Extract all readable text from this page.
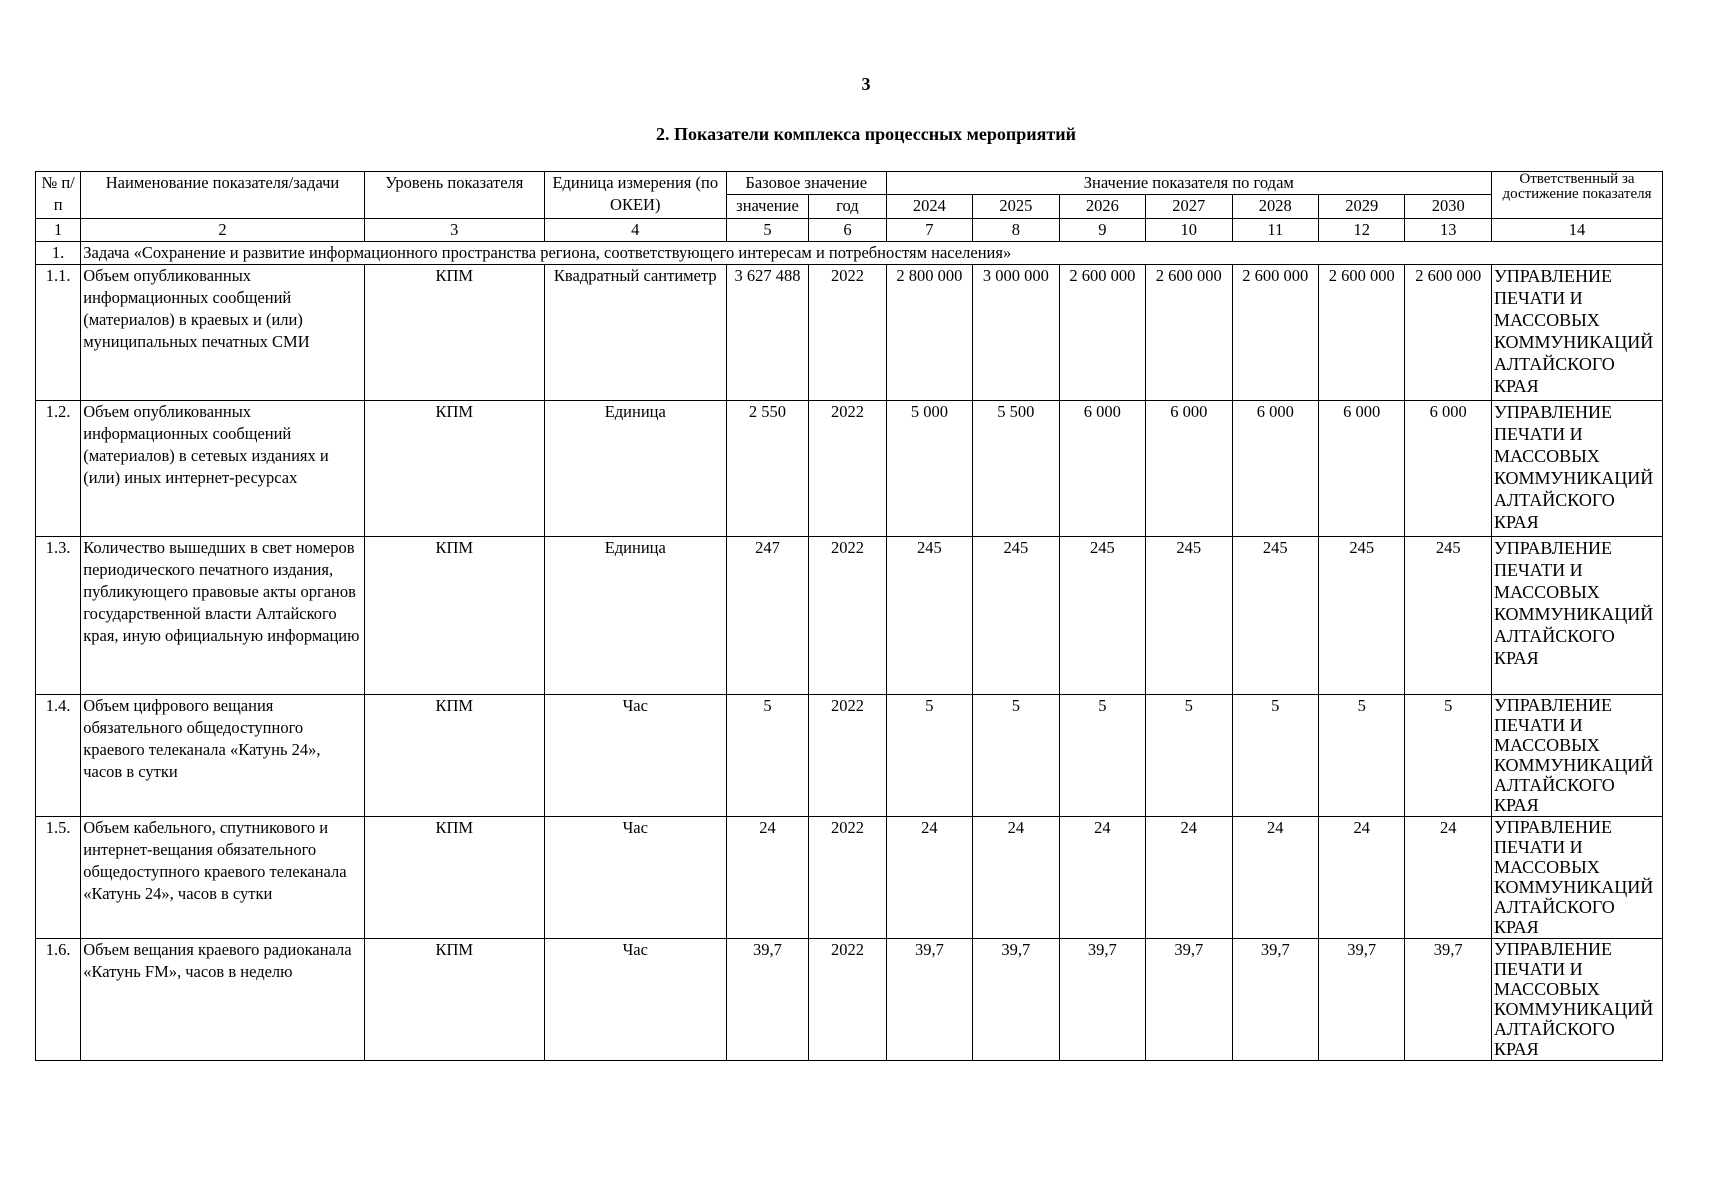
3
2. Показатели комплекса процессных мероприятий
№ п/п	Наименование показателя/задачи	Уровень показателя	Единица измерения (по ОКЕИ)	Базовое значение		Значение показателя по годам							Ответственный за достижение показателя
				значение	год	2024	2025	2026	2027	2028	2029	2030	
1	2	3	4	5	6	7	8	9	10	11	12	13	14
1.	Задача «Сохранение и развитие информационного пространства региона, соответствующего интересам и потребностям населения»												
1.1.	Объем опубликованных информационных сообщений (материалов) в краевых и (или) муниципальных печатных СМИ	КПМ	Квадратный сантиметр	3 627 488	2022	2 800 000	3 000 000	2 600 000	2 600 000	2 600 000	2 600 000	2 600 000	УПРАВЛЕНИЕ ПЕЧАТИ И МАССОВЫХ КОММУНИКАЦИЙ АЛТАЙСКОГО КРАЯ
1.2.	Объем опубликованных информационных сообщений (материалов) в сетевых изданиях и (или) иных интернет-ресурсах	КПМ	Единица	2 550	2022	5 000	5 500	6 000	6 000	6 000	6 000	6 000	УПРАВЛЕНИЕ ПЕЧАТИ И МАССОВЫХ КОММУНИКАЦИЙ АЛТАЙСКОГО КРАЯ
1.3.	Количество вышедших в свет номеров периодического печатного издания, публикующего правовые акты органов государственной власти Алтайского края, иную официальную информацию	КПМ	Единица	247	2022	245	245	245	245	245	245	245	УПРАВЛЕНИЕ ПЕЧАТИ И МАССОВЫХ КОММУНИКАЦИЙ АЛТАЙСКОГО КРАЯ
1.4.	Объем цифрового вещания обязательного общедоступного краевого телеканала «Катунь 24», часов в сутки	КПМ	Час	5	2022	5	5	5	5	5	5	5	УПРАВЛЕНИЕ ПЕЧАТИ И МАССОВЫХ КОММУНИКАЦИЙ АЛТАЙСКОГО КРАЯ
1.5.	Объем кабельного, спутникового и интернет-вещания обязательного общедоступного краевого телеканала «Катунь 24», часов в сутки	КПМ	Час	24	2022	24	24	24	24	24	24	24	УПРАВЛЕНИЕ ПЕЧАТИ И МАССОВЫХ КОММУНИКАЦИЙ АЛТАЙСКОГО КРАЯ
1.6.	Объем вещания краевого радиоканала «Катунь FM», часов в неделю	КПМ	Час	39,7	2022	39,7	39,7	39,7	39,7	39,7	39,7	39,7	УПРАВЛЕНИЕ ПЕЧАТИ И МАССОВЫХ КОММУНИКАЦИЙ АЛТАЙСКОГО КРАЯ
